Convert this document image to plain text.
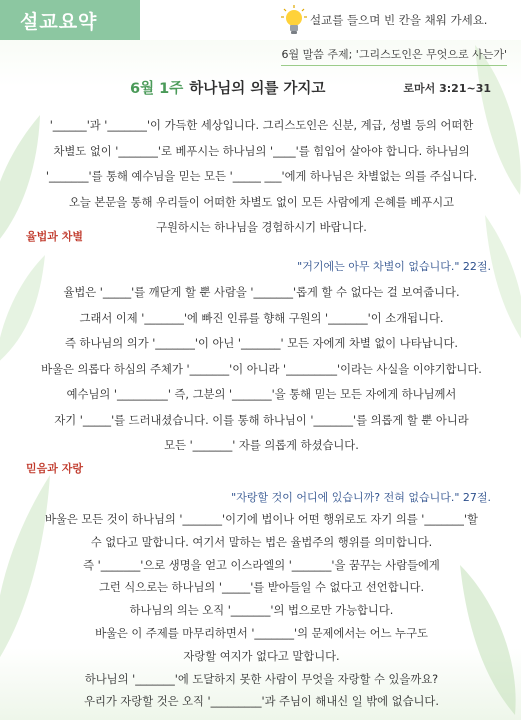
설교요약	설교를 들으며 빈 칸을 채워 가세요.
6월 말씀 주제; '그리스도인은 무엇으로 사는가'
6월 1주 하나님의 의를 가지고	로마서 3:21~31
'______'과 '_______'이 가득한 세상입니다. 그리스도인은 신분, 계급, 성별 등의 어떠한
차별도 없이 '_______'로 베푸시는 하나님의 '____'를 힘입어 살아야 합니다. 하나님의
'_______'를 통해 예수님을 믿는 모든 '_____ ___'에게 하나님은 차별없는 의를 주십니다.
오늘 본문을 통해 우리들이 어떠한 차별도 없이 모든 사람에게 은혜를 베푸시고
구원하시는 하나님을 경험하시기 바랍니다.
율법과 차별
"거기에는 아무 차별이 없습니다." 22절.
율법은 '_____'를 깨닫게 할 뿐 사람을 '_______'롭게 할 수 없다는 걸 보여줍니다.
그래서 이제 '_______'에 빠진 인류를 향해 구원의 '_______'이 소개됩니다.
즉 하나님의 의가 '_______'이 아닌 '_______' 모든 자에게 차별 없이 나타납니다.
바울은 의롭다 하심의 주체가 '_______'이 아니라 '_________'이라는 사실을 이야기합니다.
예수님의 '_________' 즉, 그분의 '_______'을 통해 믿는 모든 자에게 하나님께서
자기 '_____'를 드러내셨습니다. 이를 통해 하나님이 '_______'를 의롭게 할 뿐 아니라
모든 '_______' 자를 의롭게 하셨습니다.
믿음과 자랑
"자랑할 것이 어디에 있습니까? 전혀 없습니다." 27절.
바울은 모든 것이 하나님의 '_______'이기에 법이나 어떤 행위로도 자기 의를 '_______'할
수 없다고 말합니다. 여기서 말하는 법은 율법주의 행위를 의미합니다.
즉 '_______'으로 생명을 얻고 이스라엘의 '_______'을 꿈꾸는 사람들에게
그런 식으로는 하나님의 '_____'를 받아들일 수 없다고 선언합니다.
하나님의 의는 오직 '_______'의 법으로만 가능합니다.
바울은 이 주제를 마무리하면서 '_______'의 문제에서는 어느 누구도
자랑할 여지가 없다고 말합니다.
하나님의 '_______'에 도달하지 못한 사람이 무엇을 자랑할 수 있을까요?
우리가 자랑할 것은 오직 '_________'과 주님이 해내신 일 밖에 없습니다.
